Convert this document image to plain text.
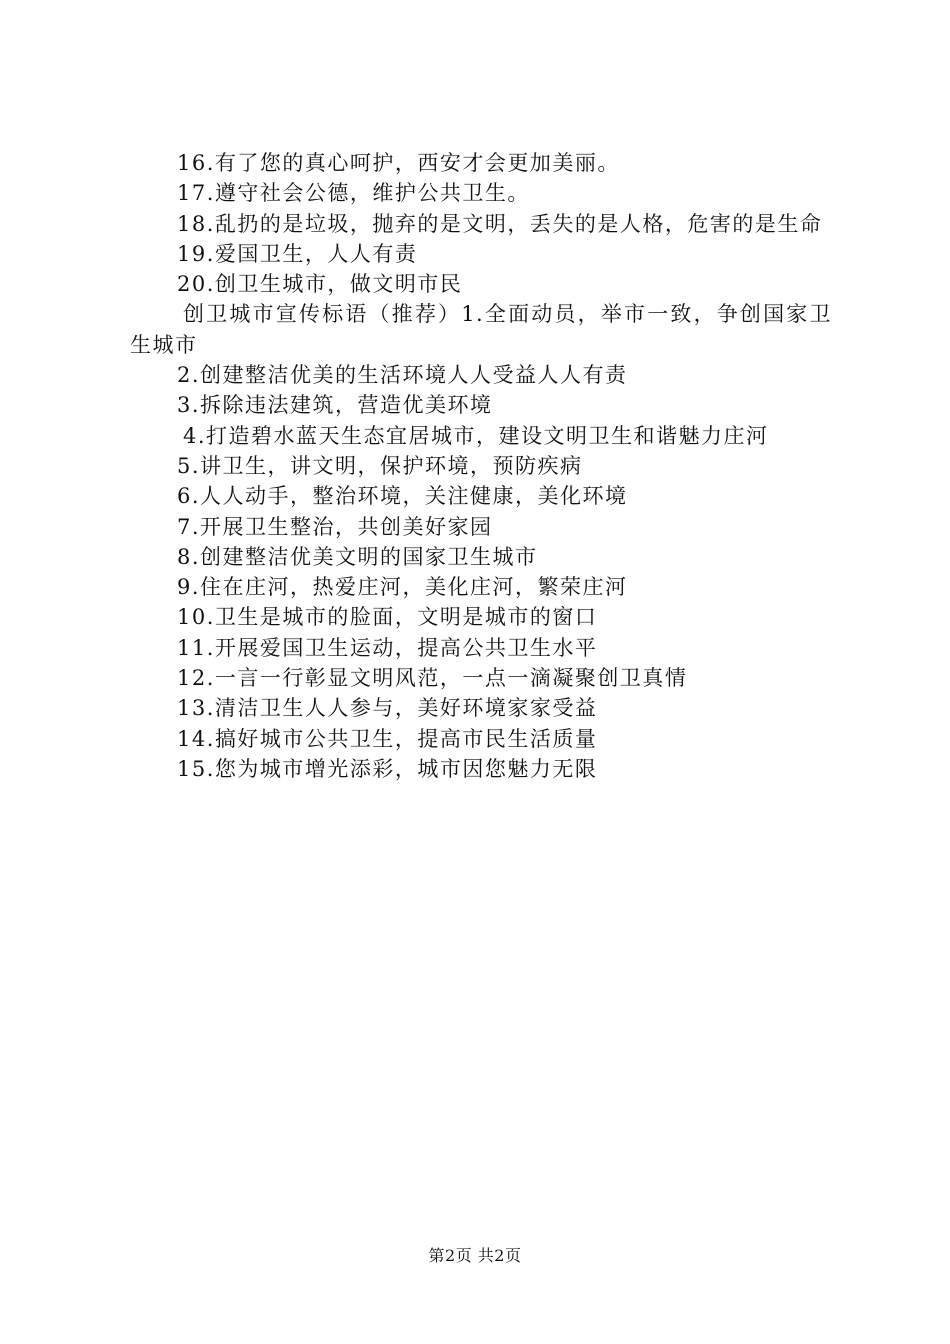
16.有了您的真心呵护，西安才会更加美丽。

17.遵守社会公德，维护公共卫生。

18.乱扔的是垃圾，抛弃的是文明，丢失的是人格，危害的是生命

19.爱国卫生，人人有责

20.创卫生城市，做文明市民

创卫城市宣传标语（推荐）1.全面动员，举市一致，争创国家卫生城市

2.创建整洁优美的生活环境人人受益人人有责

3.拆除违法建筑，营造优美环境

4.打造碧水蓝天生态宜居城市，建设文明卫生和谐魅力庄河

5.讲卫生，讲文明，保护环境，预防疾病

6.人人动手，整治环境，关注健康，美化环境

7.开展卫生整治，共创美好家园

8.创建整洁优美文明的国家卫生城市

9.住在庄河，热爱庄河，美化庄河，繁荣庄河

10.卫生是城市的脸面，文明是城市的窗口

11.开展爱国卫生运动，提高公共卫生水平

12.一言一行彰显文明风范，一点一滴凝聚创卫真情

13.清洁卫生人人参与，美好环境家家受益

14.搞好城市公共卫生，提高市民生活质量

15.您为城市增光添彩，城市因您魅力无限

第2页 共2页
